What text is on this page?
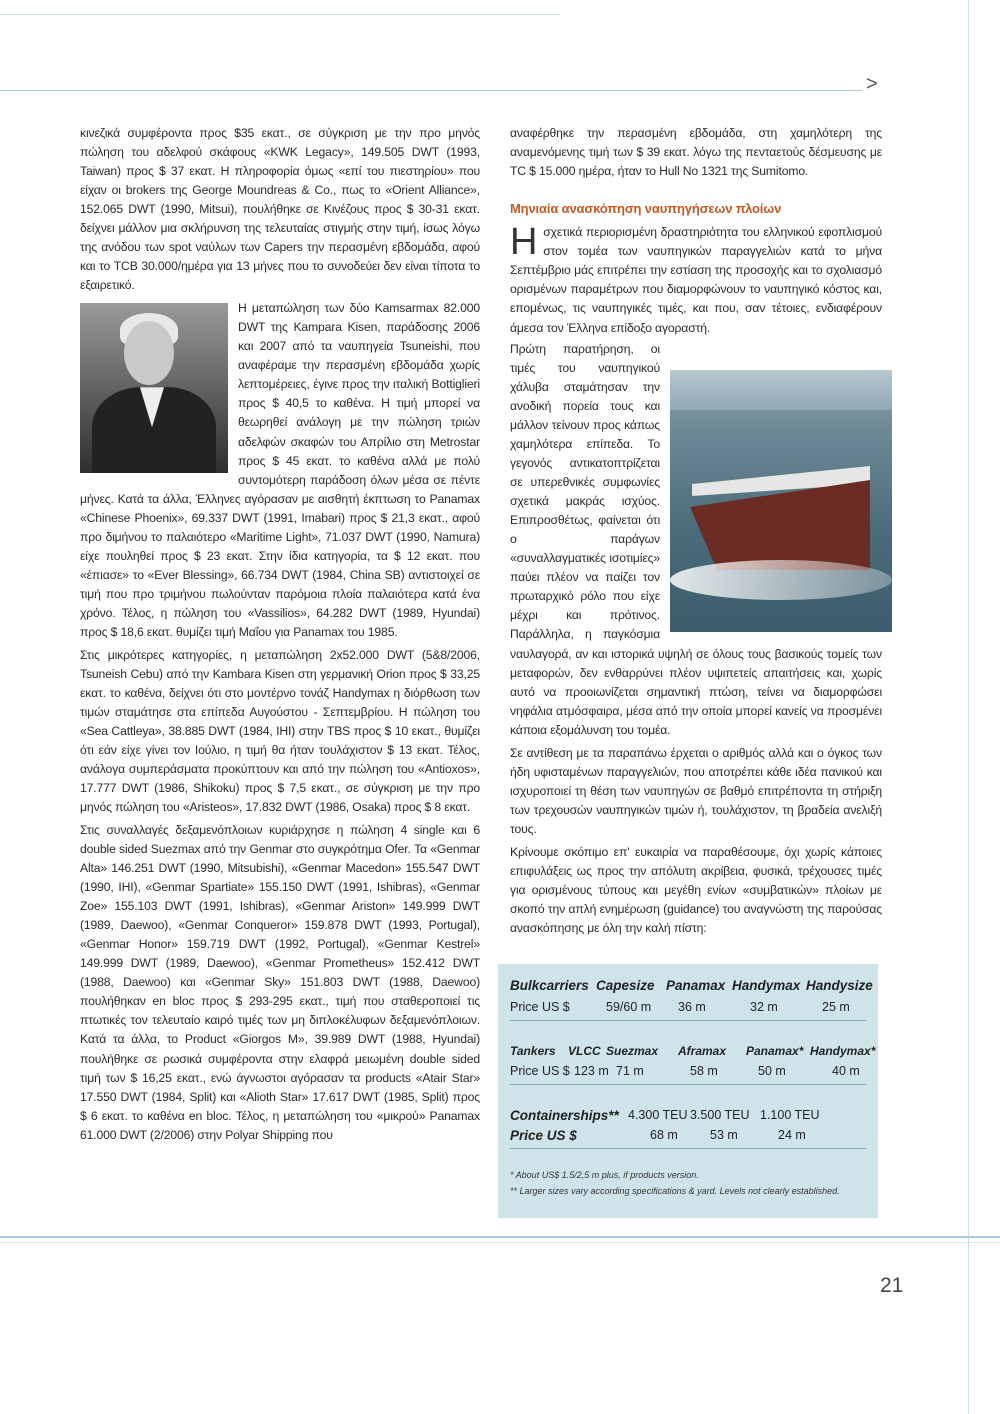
>

κινεζικά συμφέροντα προς $35 εκατ., σε σύγκριση με την προ μηνός πώληση του αδελφού σκάφους «KWK Legacy», 149.505 DWT (1993, Taiwan) προς $ 37 εκατ. Η πληροφορία όμως «επί του πιεστηρίου» που είχαν οι brokers της George Moundreas & Co., πως το «Orient Alliance», 152.065 DWT (1990, Mitsui), πουλήθηκε σε Κινέζους προς $ 30-31 εκατ. δείχνει μάλλον μια σκλήρυνση της τελευταίας στιγμής στην τιμή, ίσως λόγω της ανόδου των spot ναύλων των Capers την περασμένη εβδομάδα, αφού και το TCB 30.000/ημέρα για 13 μήνες που το συνοδεύει δεν είναι τίποτα το εξαιρετικό.

Η μεταπώληση των δύο Kamsarmax 82.000 DWT της Kampara Kisen, παράδοσης 2006 και 2007 από τα ναυπηγεία Tsuneishi, που αναφέραμε την περασμένη εβδομάδα χωρίς λεπτομέρειες, έγινε προς την ιταλική Bottiglieri προς $ 40,5 το καθένα. Η τιμή μπορεί να θεωρηθεί ανάλογη με την πώληση τριών αδελφών σκαφών του Απρίλιο στη Metrostar προς $ 45 εκατ. το καθένα αλλά με πολύ συντομότερη παράδοση όλων μέσα σε πέντε μήνες. Κατά τα άλλα, Έλληνες αγόρασαν με αισθητή έκπτωση το Panamax «Chinese Phoenix», 69.337 DWT (1991, Imabari) προς $ 21,3 εκατ., αφού προ διμήνου το παλαιότερο «Maritime Light», 71.037 DWT (1990, Namura) είχε πουληθεί προς $ 23 εκατ. Στην ίδια κατηγορία, τα $ 12 εκατ. που «έπιασε» το «Ever Blessing», 66.734 DWT (1984, China SB) αντιστοιχεί σε τιμή που προ τριμήνου πωλούνταν παρόμοια πλοία παλαιότερα κατά ένα χρόνο. Τέλος, η πώληση του «Vassilios», 64.282 DWT (1989, Hyundai) προς $ 18,6 εκατ. θυμίζει τιμή Μαΐου για Panamax του 1985.

Στις μικρότερες κατηγορίες, η μεταπώληση 2x52.000 DWT (5&8/2006, Tsuneish Cebu) από την Kambara Kisen στη γερμανική Orion προς $ 33,25 εκατ. το καθένα, δείχνει ότι στο μοντέρνο τονάζ Handymax η διόρθωση των τιμών σταμάτησε στα επίπεδα Αυγούστου - Σεπτεμβρίου. Η πώληση του «Sea Cattleya», 38.885 DWT (1984, IHI) στην TBS προς $ 10 εκατ., θυμίζει ότι εάν είχε γίνει τον Ιούλιο, η τιμή θα ήταν τουλάχιστον $ 13 εκατ. Τέλος, ανάλογα συμπεράσματα προκύπτουν και από την πώληση του «Antioxos», 17.777 DWT (1986, Shikoku) προς $ 7,5 εκατ., σε σύγκριση με την προ μηνός πώληση του «Aristeos», 17.832 DWT (1986, Osaka) προς $ 8 εκατ.

Στις συναλλαγές δεξαμενόπλοιων κυριάρχησε η πώληση 4 single και 6 double sided Suezmax από την Genmar στο συγκρότημα Ofer. Τα «Genmar Alta» 146.251 DWT (1990, Mitsubishi), «Genmar Macedon» 155.547 DWT (1990, IHI), «Genmar Spartiate» 155.150 DWT (1991, Ishibras), «Genmar Zoe» 155.103 DWT (1991, Ishibras), «Genmar Ariston» 149.999 DWT (1989, Daewoo), «Genmar Conqueror» 159.878 DWT (1993, Portugal), «Genmar Honor» 159.719 DWT (1992, Portugal), «Genmar Kestrel» 149.999 DWT (1989, Daewoo), «Genmar Prometheus» 152.412 DWT (1988, Daewoo) και «Genmar Sky» 151.803 DWT (1988, Daewoo) πουλήθηκαν en bloc προς $ 293-295 εκατ., τιμή που σταθεροποιεί τις πτωτικές τον τελευταίο καιρό τιμές των μη διπλοκέλυφων δεξαμενόπλοιων. Κατά τα άλλα, το Product «Giorgos M», 39.989 DWT (1988, Hyundai) πουλήθηκε σε ρωσικά συμφέροντα στην ελαφρά μειωμένη double sided τιμή των $ 16,25 εκατ., ενώ άγνωστοι αγόρασαν τα products «Atair Star» 17.550 DWT (1984, Split) και «Alioth Star» 17.617 DWT (1985, Split) προς $ 6 εκατ. το καθένα en bloc. Τέλος, η μεταπώληση του «μικρού» Panamax 61.000 DWT (2/2006) στην Polyar Shipping που

αναφέρθηκε την περασμένη εβδομάδα, στη χαμηλότερη της αναμενόμενης τιμή των $ 39 εκατ. λόγω της πενταετούς δέσμευσης με TC $ 15.000 ημέρα, ήταν το Hull No 1321 της Sumitomo.

Μηνιαία ανασκόπηση ναυπηγήσεων πλοίων

Η σχετικά περιορισμένη δραστηριότητα του ελληνικού εφοπλισμού στον τομέα των ναυπηγικών παραγγελιών κατά το μήνα Σεπτέμβριο μάς επιτρέπει την εστίαση της προσοχής και το σχολιασμό ορισμένων παραμέτρων που διαμορφώνουν το ναυπηγικό κόστος και, επομένως, τις ναυπηγικές τιμές, και που, σαν τέτοιες, ενδιαφέρουν άμεσα τον Έλληνα επίδοξο αγοραστή.

Πρώτη παρατήρηση, οι τιμές του ναυπηγικού χάλυβα σταμάτησαν την ανοδική πορεία τους και μάλλον τείνουν προς κάπως χαμηλότερα επίπεδα. Το γεγονός αντικατοπτρίζεται σε υπερεθνικές συμφωνίες σχετικά μακράς ισχύος. Επιπροσθέτως, φαίνεται ότι ο παράγων «συναλλαγματικές ισοτιμίες» παύει πλέον να παίζει τον πρωταρχικό ρόλο που είχε μέχρι και πρότινος. Παράλληλα, η παγκόσμια ναυλαγορά, αν και ιστορικά υψηλή σε όλους τους βασικούς τομείς των μεταφορών, δεν ενθαρρύνει πλέον υψιπετείς απαιτήσεις και, χωρίς αυτό να προοιωνίζεται σημαντική πτώση, τείνει να διαμορφώσει νηφάλια ατμόσφαιρα, μέσα από την οποία μπορεί κανείς να προσμένει κάποια εξομάλυνση του τομέα.

Σε αντίθεση με τα παραπάνω έρχεται ο αριθμός αλλά και ο όγκος των ήδη υφισταμένων παραγγελιών, που αποτρέπει κάθε ιδέα πανικού και ισχυροποιεί τη θέση των ναυπηγών σε βαθμό επιτρέποντα τη στήριξη των τρεχουσών ναυπηγικών τιμών ή, τουλάχιστον, τη βραδεία ανελιξή τους.

Κρίνουμε σκόπιμο επ' ευκαιρία να παραθέσουμε, όχι χωρίς κάποιες επιφυλάξεις ως προς την απόλυτη ακρίβεια, φυσικά, τρέχουσες τιμές για ορισμένους τύπους και μεγέθη ενίων «συμβατικών» πλοίων με σκοπό την απλή ενημέρωση (guidance) του αναγνώστη της παρούσας ανασκόπησης με όλη την καλή πίστη:

Bulkcarriers Capesize Panamax Handymax Handysize
Price US $	59/60 m 36 m	32 m	25 m
Tankers VLCC Suezmax Aframax Panamax* Handymax*
Price US $ 123 m 71 m	58 m	50 m	40 m
Containerships** 4.300 TEU 3.500 TEU 1.100 TEU
Price US $	68 m	53 m	24 m
* About US$ 1.5/2,5 m plus, if products version.
** Larger sizes vary according specifications & yard. Levels not clearly established.
21
